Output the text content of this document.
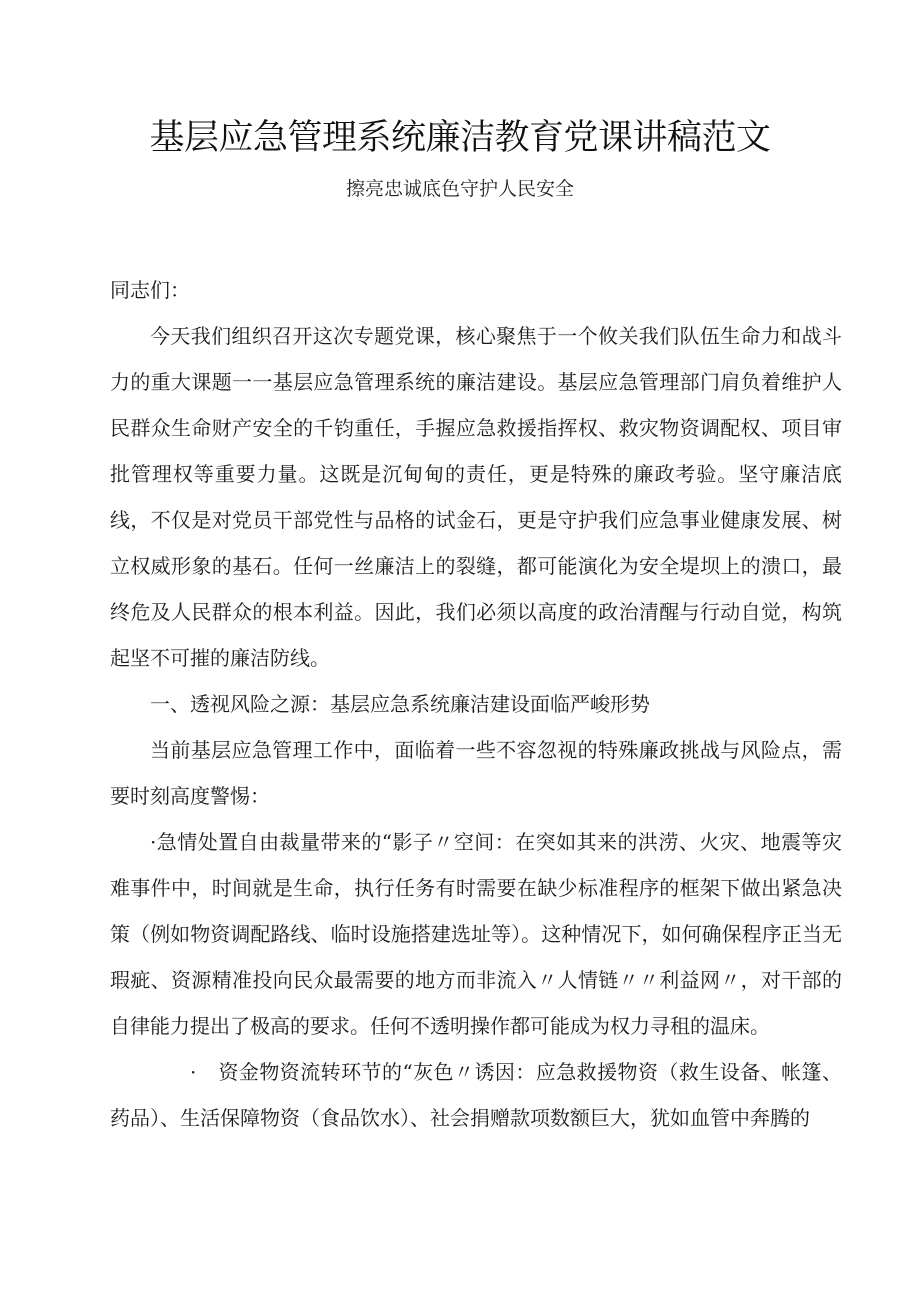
基层应急管理系统廉洁教育党课讲稿范文
擦亮忠诚底色守护人民安全

同志们：

今天我们组织召开这次专题党课，核心聚焦于一个攸关我们队伍生命力和战斗力的重大课题一一基层应急管理系统的廉洁建设。基层应急管理部门肩负着维护人民群众生命财产安全的千钧重任，手握应急救援指挥权、救灾物资调配权、项目审批管理权等重要力量。这既是沉甸甸的责任，更是特殊的廉政考验。坚守廉洁底线，不仅是对党员干部党性与品格的试金石，更是守护我们应急事业健康发展、树立权威形象的基石。任何一丝廉洁上的裂缝，都可能演化为安全堤坝上的溃口，最终危及人民群众的根本利益。因此，我们必须以高度的政治清醒与行动自觉，构筑起坚不可摧的廉洁防线。

一、透视风险之源：基层应急系统廉洁建设面临严峻形势

当前基层应急管理工作中，面临着一些不容忽视的特殊廉政挑战与风险点，需要时刻高度警惕：

·急情处置自由裁量带来的“影子〃空间：在突如其来的洪涝、火灾、地震等灾难事件中，时间就是生命，执行任务有时需要在缺少标准程序的框架下做出紧急决策（例如物资调配路线、临时设施搭建选址等）。这种情况下，如何确保程序正当无瑕疵、资源精准投向民众最需要的地方而非流入〃人情链〃〃利益网〃，对干部的自律能力提出了极高的要求。任何不透明操作都可能成为权力寻租的温床。

· 资金物资流转环节的“灰色〃诱因：应急救援物资（救生设备、帐篷、药品）、生活保障物资（食品饮水）、社会捐赠款项数额巨大，犹如血管中奔腾的
